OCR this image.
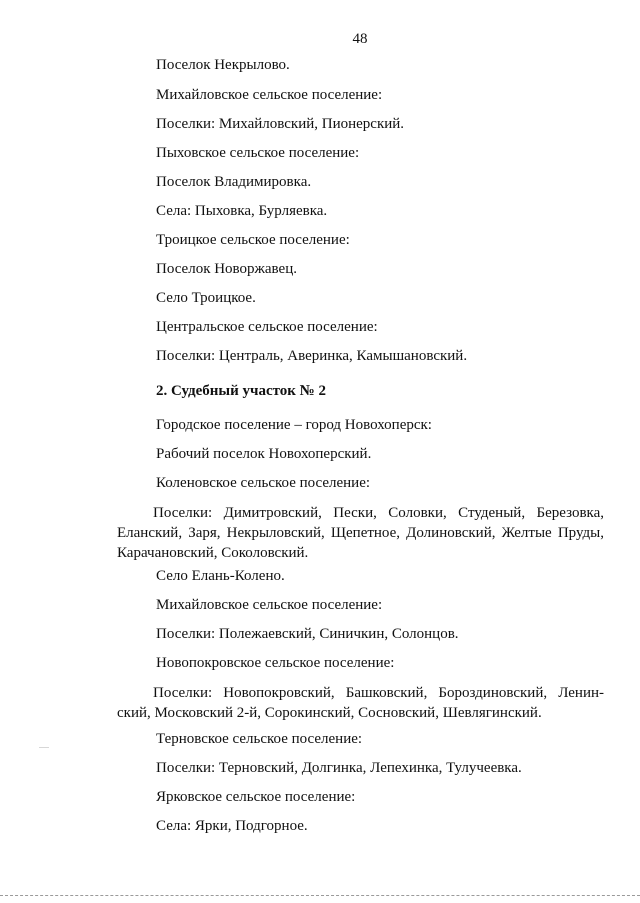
48
Поселок Некрылово.
Михайловское сельское поселение:
Поселки: Михайловский, Пионерский.
Пыховское сельское поселение:
Поселок Владимировка.
Села: Пыховка, Бурляевка.
Троицкое сельское поселение:
Поселок Новоржавец.
Село Троицкое.
Центральское сельское поселение:
Поселки: Централь, Аверинка, Камышановский.
2. Судебный участок № 2
Городское поселение – город Новохоперск:
Рабочий поселок Новохоперский.
Коленовское сельское поселение:
Поселки: Димитровский, Пески, Соловки, Студеный, Березовка, Еланский, Заря, Некрыловский, Щепетное, Долиновский, Желтые Пруды, Карачановский, Соколовский.
Село Елань-Колено.
Михайловское сельское поселение:
Поселки: Полежаевский, Синичкин, Солонцов.
Новопокровское сельское поселение:
Поселки: Новопокровский, Башковский, Бороздиновский, Ленин-ский, Московский 2-й, Сорокинский, Сосновский, Шевлягинский.
Терновское сельское поселение:
Поселки: Терновский, Долгинка, Лепехинка, Тулучеевка.
Ярковское сельское поселение:
Села: Ярки, Подгорное.
